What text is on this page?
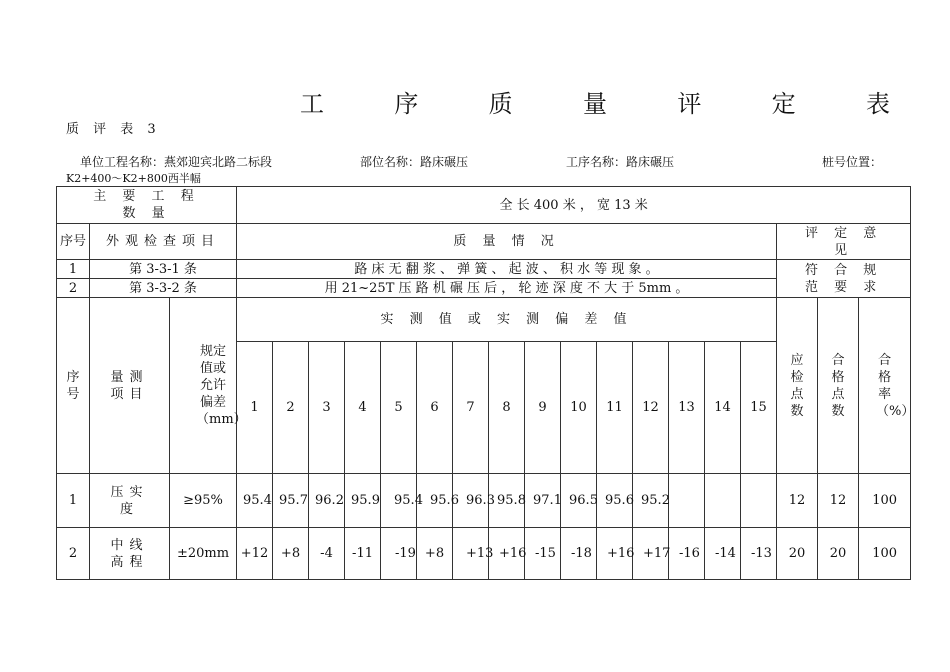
工	序	质	量	评	定	表
质 评 表 3
单位工程名称：燕郊迎宾北路二标段	部位名称：路床碾压	工序名称：路床碾压	桩号位置：
K2+400～K2+800西半幅
主 要 工 程 数 量			全 长 400 米 ， 宽 13 米																	
序号	外观检查项目		质 量 情 况															评 定 意 见		
1	第 3-3-1 条		路 床 无 翻 浆 、 弹 簧 、 起 波 、 积 水 等 现 象 。															符 合 规 范 要 求		
2	第 3-3-2 条		用 21~25T 压 路 机 碾 压 后 ， 轮 迹 深 度 不 大 于 5mm 。																	
序号	量测项目	规定值或允许偏差（mm）	实 测 值 或 实 测 偏 差 值															应检点数	合格点数	合格率（%）
			1	2	3	4	5	6	7	8	9	10	11	12	13	14	15			
1	压实度	≥95%	95.4	95.7	96.2	95.9	95.4	95.6	96.3	95.8	97.1	96.5	95.6	95.2				12	12	100
2	中线高程	±20mm	+12	+8	-4	-11	-19	+8	+13	+16	-15	-18	+16	+17	-16	-14	-13	20	20	100
